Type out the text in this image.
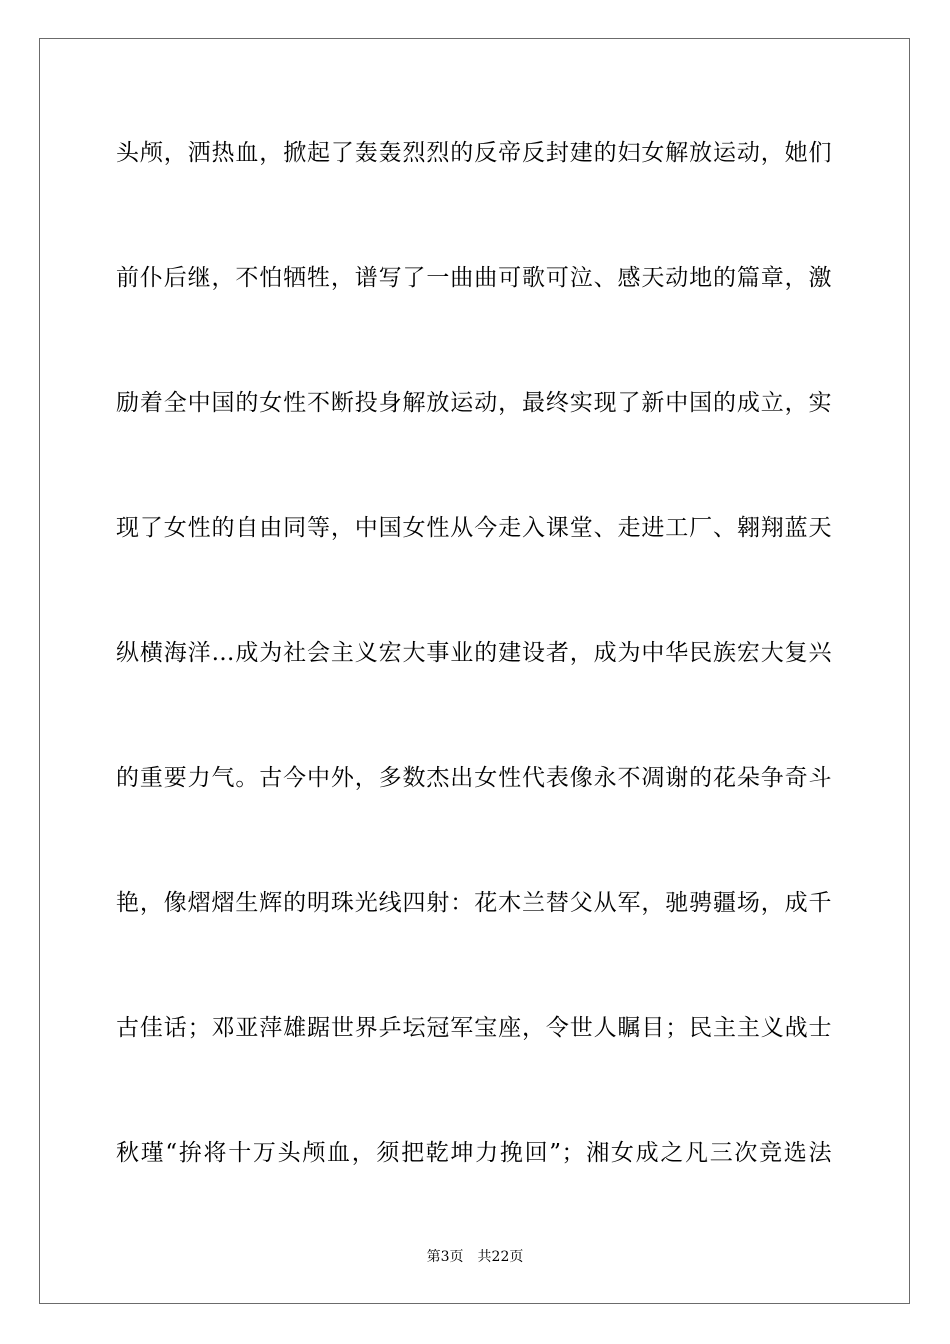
头颅，洒热血，掀起了轰轰烈烈的反帝反封建的妇女解放运动，她们
前仆后继，不怕牺牲，谱写了一曲曲可歌可泣、感天动地的篇章，激
励着全中国的女性不断投身解放运动，最终实现了新中国的成立，实
现了女性的自由同等，中国女性从今走入课堂、走进工厂、翱翔蓝天
纵横海洋…成为社会主义宏大事业的建设者，成为中华民族宏大复兴
的重要力气。古今中外，多数杰出女性代表像永不凋谢的花朵争奇斗
艳，像熠熠生辉的明珠光线四射：花木兰替父从军，驰骋疆场，成千
古佳话；邓亚萍雄踞世界乒坛冠军宝座，令世人瞩目；民主主义战士
秋瑾“拚将十万头颅血，须把乾坤力挽回”；湘女成之凡三次竞选法
第3页 共22页
